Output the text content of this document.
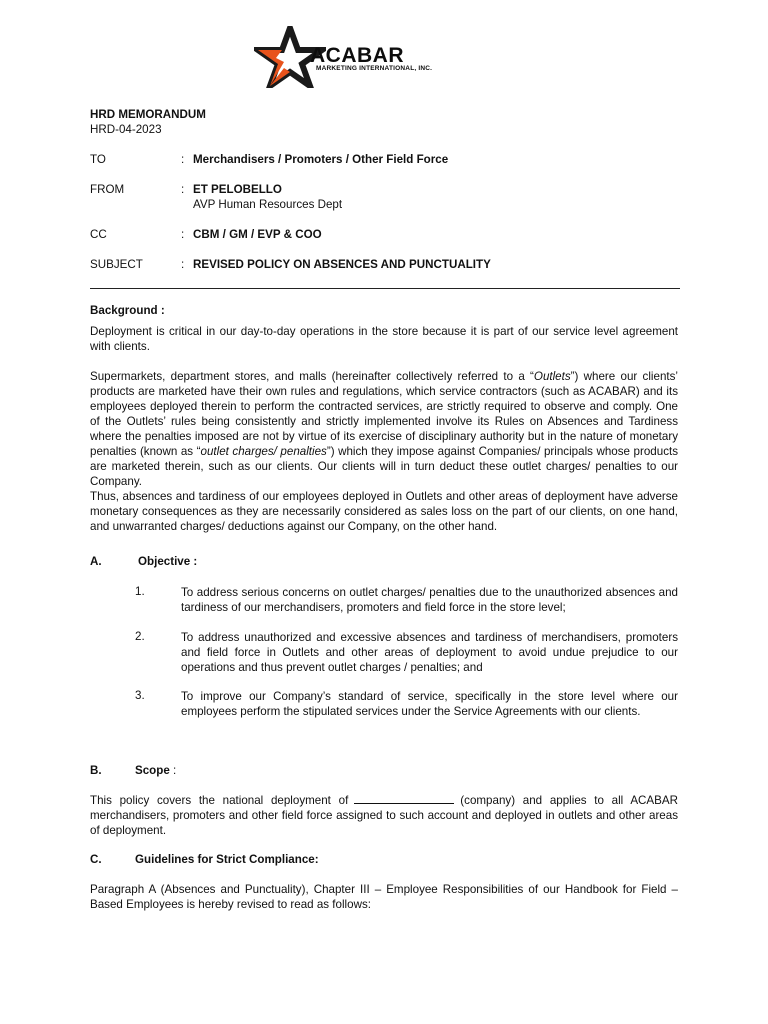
ACABAR
MARKETING INTERNATIONAL, INC.
HRD MEMORANDUM
HRD-04-2023
TO	: Merchandisers / Promoters / Other Field Force
FROM	: ET PELOBELLO
AVP Human Resources Dept
CC	: CBM / GM / EVP & COO
SUBJECT	: REVISED POLICY ON ABSENCES AND PUNCTUALITY
Background :

Deployment is critical in our day-to-day operations in the store because it is part of our service level agreement with clients.

Supermarkets, department stores, and malls (hereinafter collectively referred to a “Outlets”) where our clients’ products are marketed have their own rules and regulations, which service contractors (such as ACABAR) and its employees deployed therein to perform the contracted services, are strictly required to observe and comply. One of the Outlets’ rules being consistently and strictly implemented involve its Rules on Absences and Tardiness where the penalties imposed are not by virtue of its exercise of disciplinary authority but in the nature of monetary penalties (known as “outlet charges/ penalties”) which they impose against Companies/ principals whose products are marketed therein, such as our clients. Our clients will in turn deduct these outlet charges/ penalties to our Company.

Thus, absences and tardiness of our employees deployed in Outlets and other areas of deployment have adverse monetary consequences as they are necessarily considered as sales loss on the part of our clients, on one hand, and unwarranted charges/ deductions against our Company, on the other hand.

A.	Objective :
1.	To address serious concerns on outlet charges/ penalties due to the unauthorized absences and tardiness of our merchandisers, promoters and field force in the store level;

2.	To address unauthorized and excessive absences and tardiness of merchandisers, promoters and field force in Outlets and other areas of deployment to avoid undue prejudice to our operations and thus prevent outlet charges / penalties; and

3.	To improve our Company’s standard of service, specifically in the store level where our employees perform the stipulated services under the Service Agreements with our clients.

B.	Scope :

This policy covers the national deployment of	(company) and applies to all ACABAR merchandisers, promoters and other field force assigned to such account and deployed in outlets and other areas of deployment.

C.	Guidelines for Strict Compliance:

Paragraph A (Absences and Punctuality), Chapter III – Employee Responsibilities of our Handbook for Field – Based Employees is hereby revised to read as follows:
